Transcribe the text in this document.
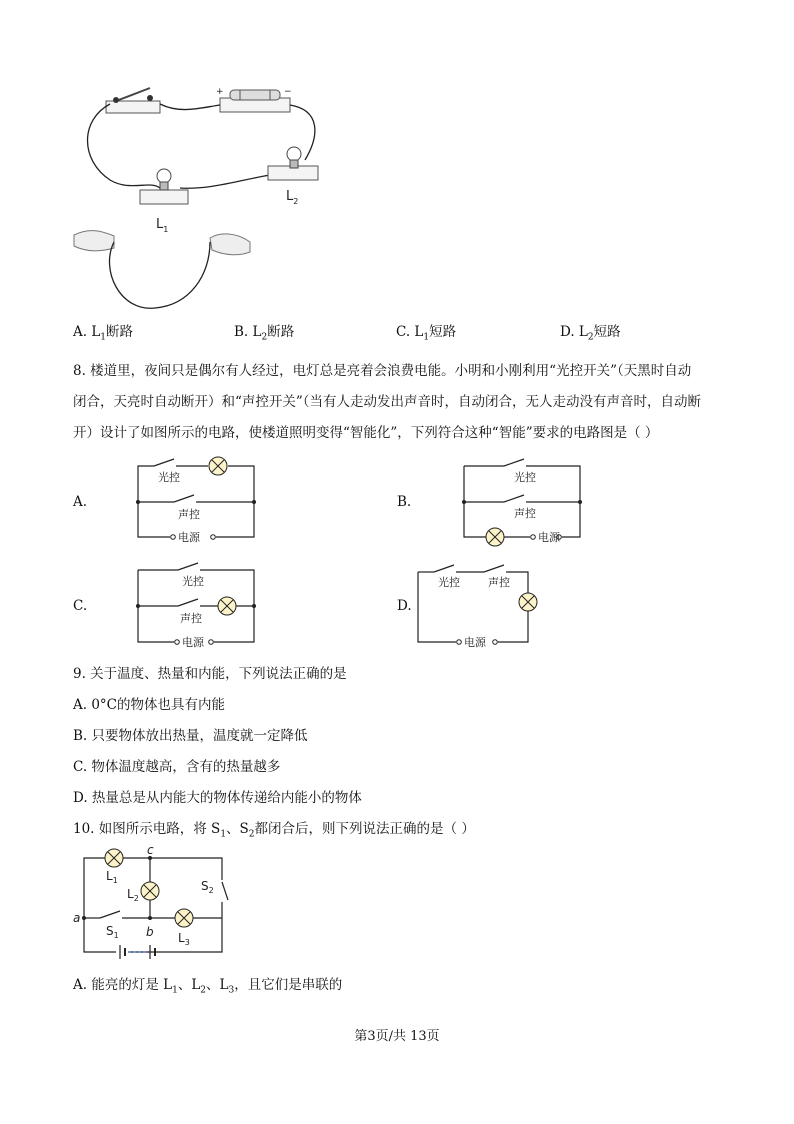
+	−
$L_1$
$L_2$
A. $L_1$断路	B. $L_2$断路	C. $L_1$短路	D. $L_2$短路
8. 楼道里，夜间只是偶尔有人经过，电灯总是亮着会浪费电能。小明和小刚利用“光控开关”（天黑时自动
闭合，天亮时自动断开）和“声控开关”（当有人走动发出声音时，自动闭合，无人走动没有声音时，自动断
开）设计了如图所示的电路，使楼道照明变得“智能化”，下列符合这种“智能”要求的电路图是（ ）
A.	B.
C.	D.
光控
声控
电源
光控
声控
电源
光控
声控
电源
光控	声控
电源
9. 关于温度、热量和内能，下列说法正确的是
A. 0°C的物体也具有内能
B. 只要物体放出热量，温度就一定降低
C. 物体温度越高，含有的热量越多
D. 热量总是从内能大的物体传递给内能小的物体
10. 如图所示电路，将 $S_1$、$S_2$都闭合后，则下列说法正确的是（ ）
c
a
b
$L_1$
$L_2$
$L_3$
$S_1$
$S_2$
A. 能亮的灯是 $L_1$、$L_2$、$L_3$，且它们是串联的
第3页/共 13页
